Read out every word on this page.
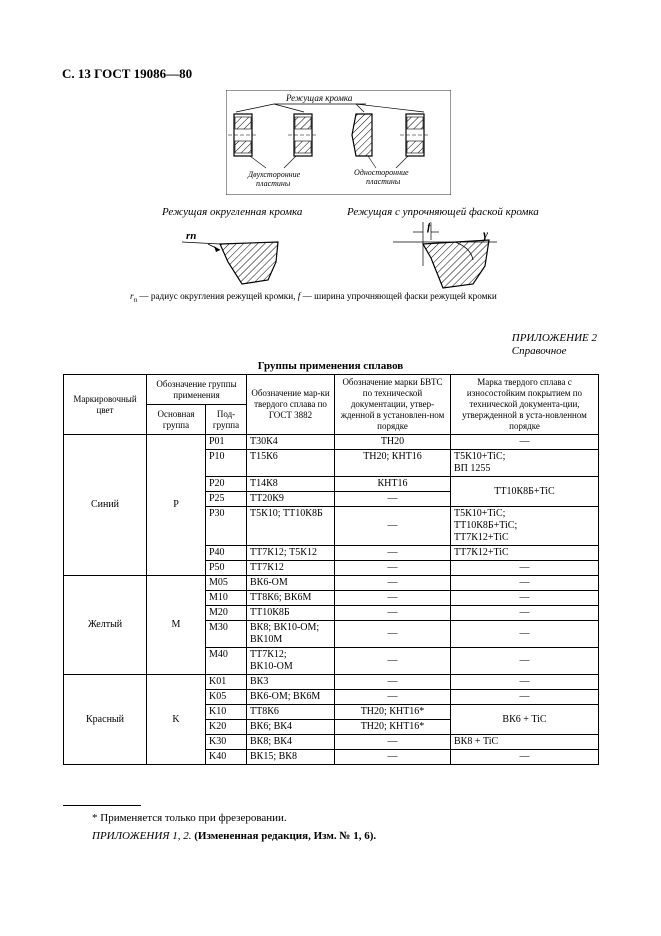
С. 13 ГОСТ 19086—80
Режущая кромка
Двухсторонние
пластины
Односторонние
пластины
Режущая округленная кромка	Режущая с упрочняющей фаской кромка
rn
f	γ
$r_n$ — радиус округления режущей кромки, f — ширина упрочняющей фаски режущей кромки
ПРИЛОЖЕНИЕ 2
Справочное
Группы применения сплавов
Маркировочный цвет	Обозначение группы применения		Обозначение мар-ки твердого сплава по ГОСТ 3882	Обозначение марки БВТС по технической документации, утвер-жденной в установлен-ном порядке	Марка твердого сплава с износостойким покрытием по технической документа-ции, утвержденной в уста-новленном порядке
	Основная группа	Под-группа			
Синий	P	P01	Т30К4	ТН20	—
		P10	Т15К6	ТН20; КНТ16	Т5К10+TiC;
ВП 1255
		P20	Т14К8	КНТ16	ТТ10К8Б+TiC
		P25	ТТ20К9	—	
		P30	Т5К10; ТТ10К8Б	—	Т5К10+TiC;
ТТ10К8Б+TiC;
ТТ7К12+TiC
		P40	ТТ7К12; Т5К12	—	ТТ7К12+TiC
		P50	ТТ7К12	—	—
Желтый	M	M05	ВК6-ОМ	—	—
		M10	ТТ8К6; ВК6М	—	—
		M20	ТТ10К8Б	—	—
		M30	ВК8; ВК10-ОМ;
ВК10М	—	—
		M40	ТТ7К12;
ВК10-ОМ	—	—
Красный	K	K01	ВК3	—	—
		K05	ВК6-ОМ; ВК6М	—	—
		K10	ТТ8К6	ТН20; КНТ16*	ВК6 + TiC
		K20	ВК6; ВК4	ТН20; КНТ16*	
		K30	ВК8; ВК4	—	ВК8 + TiC
		K40	ВК15; ВК8	—	—
* Применяется только при фрезеровании.
ПРИЛОЖЕНИЯ 1, 2. (Измененная редакция, Изм. № 1, 6).
